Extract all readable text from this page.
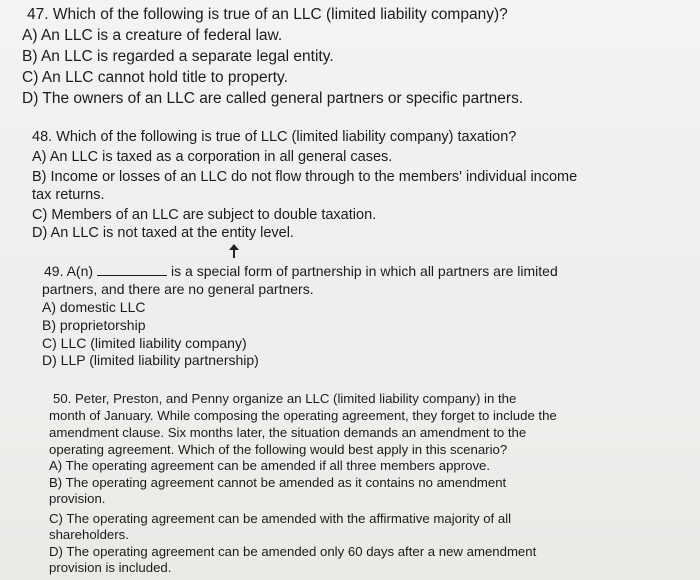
47. Which of the following is true of an LLC (limited liability company)?

A) An LLC is a creature of federal law.

B) An LLC is regarded a separate legal entity.

C) An LLC cannot hold title to property.

D) The owners of an LLC are called general partners or specific partners.

48. Which of the following is true of LLC (limited liability company) taxation?

A) An LLC is taxed as a corporation in all general cases.

B) Income or losses of an LLC do not flow through to the members' individual income

tax returns.

C) Members of an LLC are subject to double taxation.

D) An LLC is not taxed at the entity level.

49. A(n)	is a special form of partnership in which all partners are limited

partners, and there are no general partners.

A) domestic LLC

B) proprietorship

C) LLC (limited liability company)

D) LLP (limited liability partnership)

50. Peter, Preston, and Penny organize an LLC (limited liability company) in the

month of January. While composing the operating agreement, they forget to include the

amendment clause. Six months later, the situation demands an amendment to the

operating agreement. Which of the following would best apply in this scenario?

A) The operating agreement can be amended if all three members approve.

B) The operating agreement cannot be amended as it contains no amendment

provision.

C) The operating agreement can be amended with the affirmative majority of all

shareholders.

D) The operating agreement can be amended only 60 days after a new amendment

provision is included.
